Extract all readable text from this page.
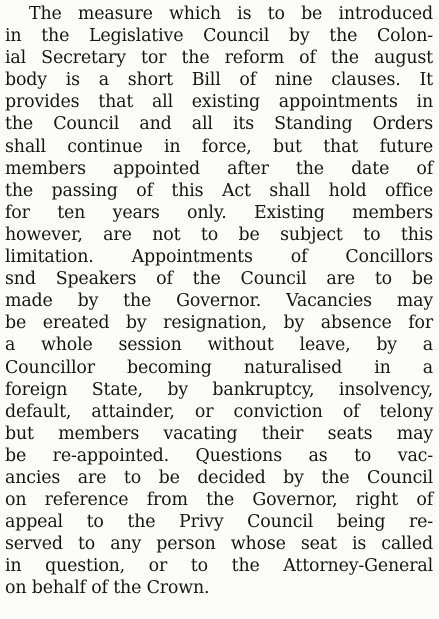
The measure which is to be introduced
in the Legislative Council by the Colon-
ial Secretary tor the reform of the august
body is a short Bill of nine clauses. It
provides that all existing appointments in
the Council and all its Standing Orders
shall continue in force, but that future
members appointed after the date of
the passing of this Act shall hold office
for ten years only. Existing members
however, are not to be subject to this
limitation. Appointments of Concillors
snd Speakers of the Council are to be
made by the Governor. Vacancies may
be ereated by resignation, by absence for
a whole session without leave, by a
Councillor becoming naturalised in a
foreign State, by bankruptcy, insolvency,
default, attainder, or conviction of telony
but members vacating their seats may
be re-appointed. Questions as to vac-
ancies are to be decided by the Council
on reference from the Governor, right of
appeal to the Privy Council being re-
served to any person whose seat is called
in question, or to the Attorney-General
on behalf of the Crown.
